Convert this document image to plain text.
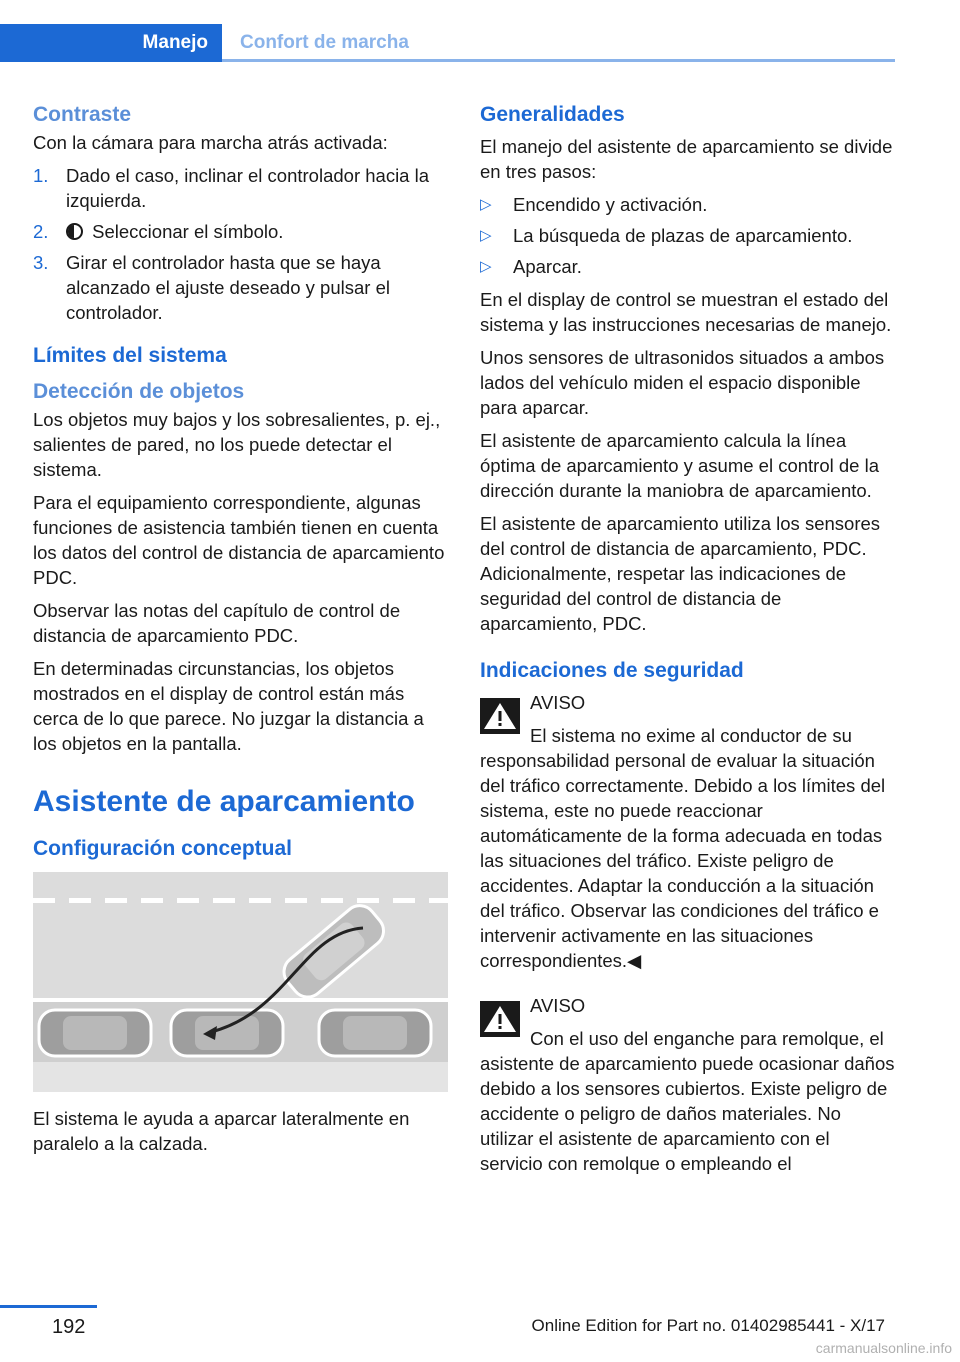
Manejo	Confort de marcha
Contraste

Con la cámara para marcha atrás activada:

1. Dado el caso, inclinar el controlador hacia la izquierda.
2. Seleccionar el símbolo.
3. Girar el controlador hasta que se haya alcanzado el ajuste deseado y pulsar el controlador.
Límites del sistema
Detección de objetos

Los objetos muy bajos y los sobresalientes, p. ej., salientes de pared, no los puede detectar el sistema.

Para el equipamiento correspondiente, algunas funciones de asistencia también tienen en cuenta los datos del control de distancia de aparcamiento PDC.

Observar las notas del capítulo de control de distancia de aparcamiento PDC.

En determinadas circunstancias, los objetos mostrados en el display de control están más cerca de lo que parece. No juzgar la distancia a los objetos en la pantalla.

Asistente de aparcamiento
Configuración conceptual

El sistema le ayuda a aparcar lateralmente en paralelo a la calzada.

Generalidades

El manejo del asistente de aparcamiento se divide en tres pasos:

▷ Encendido y activación.
▷ La búsqueda de plazas de aparcamiento.
▷ Aparcar.

En el display de control se muestran el estado del sistema y las instrucciones necesarias de manejo.

Unos sensores de ultrasonidos situados a ambos lados del vehículo miden el espacio disponible para aparcar.

El asistente de aparcamiento calcula la línea óptima de aparcamiento y asume el control de la dirección durante la maniobra de aparcamiento.

El asistente de aparcamiento utiliza los sensores del control de distancia de aparcamiento, PDC. Adicionalmente, respetar las indicaciones de seguridad del control de distancia de aparcamiento, PDC.

Indicaciones de seguridad

AVISO

El sistema no exime al conductor de su responsabilidad personal de evaluar la situación del tráfico correctamente. Debido a los límites del sistema, este no puede reaccionar automáticamente de la forma adecuada en todas las situaciones del tráfico. Existe peligro de accidentes. Adaptar la conducción a la situación del tráfico. Observar las condiciones del tráfico e intervenir activamente en las situaciones correspondientes.◀

AVISO

Con el uso del enganche para remolque, el asistente de aparcamiento puede ocasionar daños debido a los sensores cubiertos. Existe peligro de accidente o peligro de daños materiales. No utilizar el asistente de aparcamiento con el servicio con remolque o empleando el

192	Online Edition for Part no. 01402985441 - X/17
carmanualsonline.info
